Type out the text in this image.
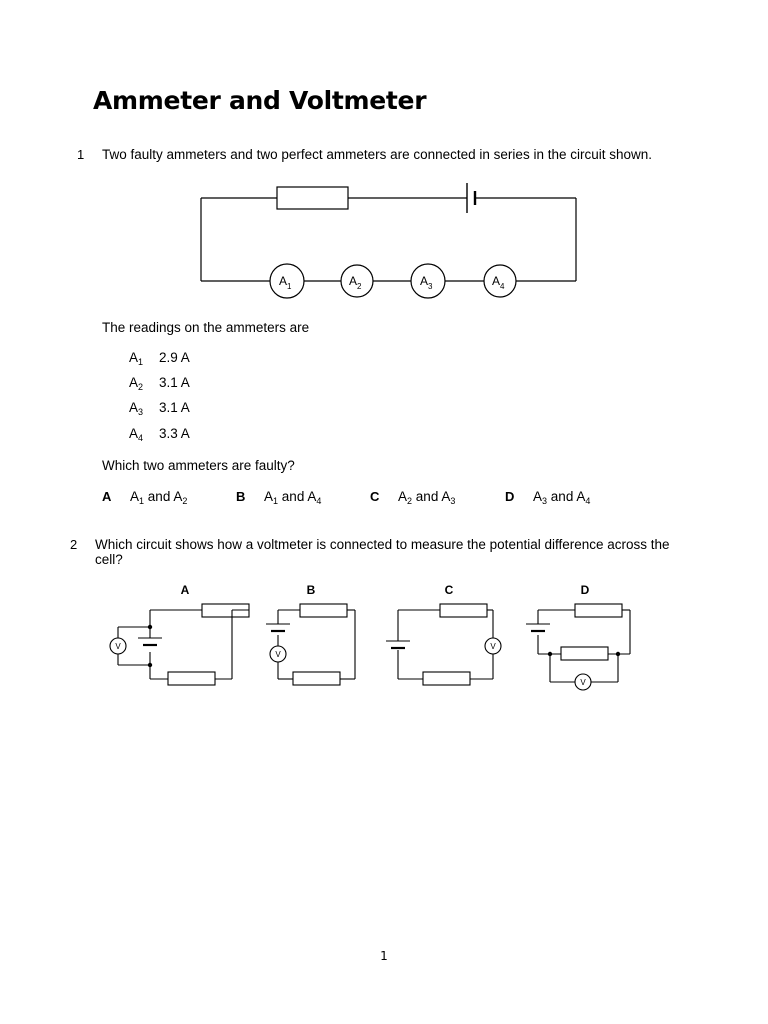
Ammeter and Voltmeter
1 Two faulty ammeters and two perfect ammeters are connected in series in the circuit shown.
$A_1$	$A_2$	$A_3$	$A_4$
V
V
V
V
A	B	C	D
The readings on the ammeters are
$A_1$ 2.9 A
$A_2$ 3.1 A
$A_3$ 3.1 A
$A_4$ 3.3 A
Which two ammeters are faulty?
A $A_1$ and $A_2$	B $A_1$ and $A_4$	C $A_2$ and $A_3$	D $A_3$ and $A_4$
2 Which circuit shows how a voltmeter is connected to measure the potential difference across the
cell?
1
